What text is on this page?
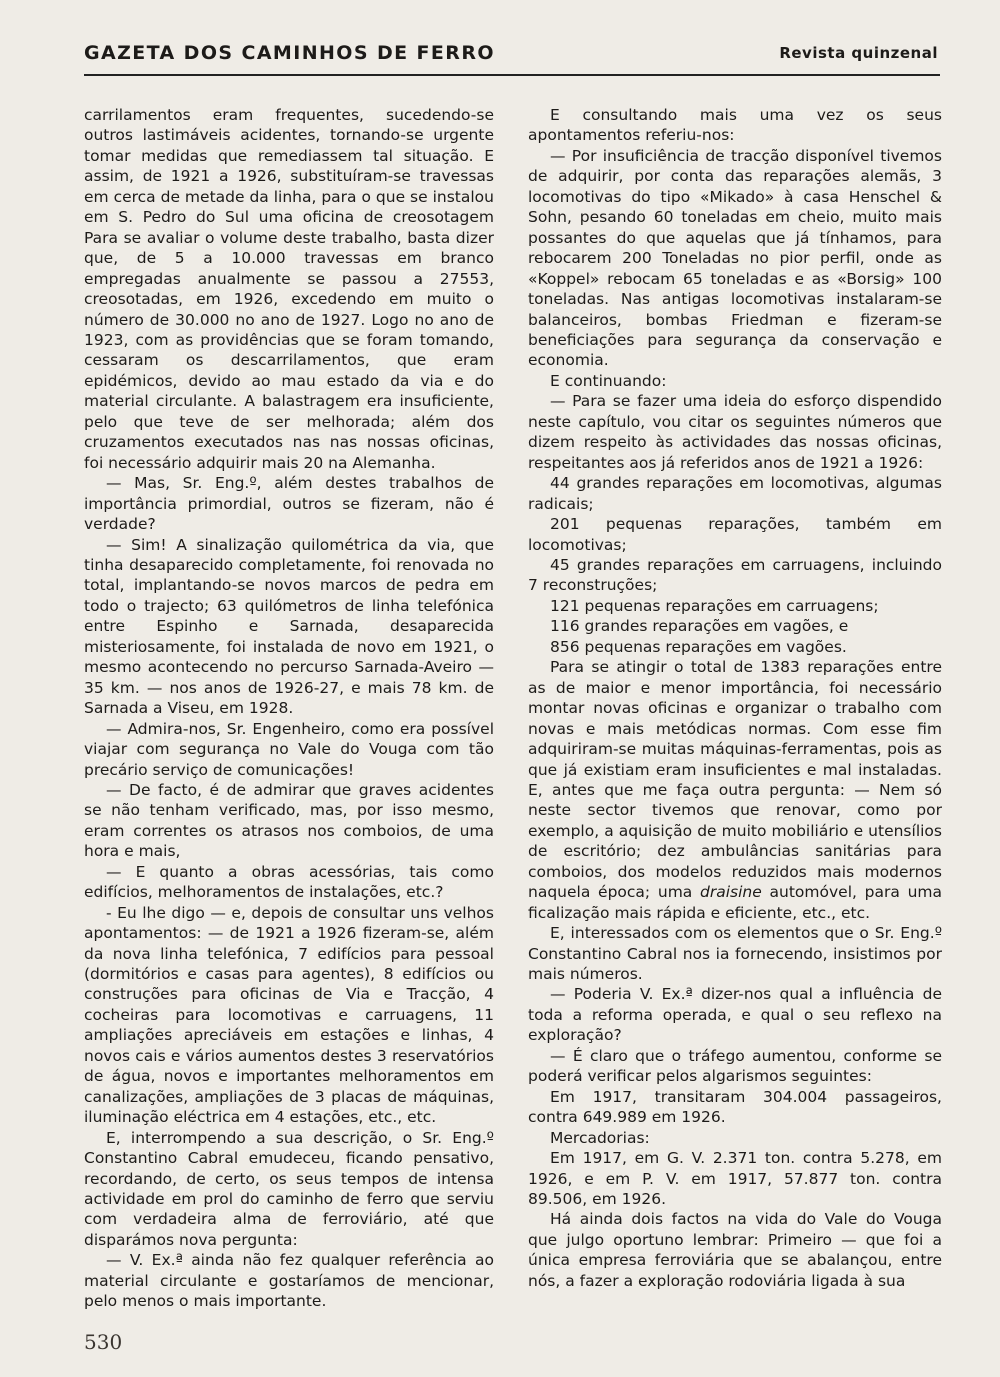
GAZETA DOS CAMINHOS DE FERRO	Revista quinzenal

carrilamentos eram frequentes, sucedendo-se outros lastimáveis acidentes, tornando-se urgente tomar medidas que remediassem tal situação. E assim, de 1921 a 1926, substituíram-se travessas em cerca de metade da linha, para o que se instalou em S. Pedro do Sul uma oficina de creosotagem Para se avaliar o volume deste trabalho, basta dizer que, de 5 a 10.000 travessas em branco empregadas anualmente se passou a 27553, creosotadas, em 1926, excedendo em muito o número de 30.000 no ano de 1927. Logo no ano de 1923, com as providências que se foram tomando, cessaram os descarrilamentos, que eram epidémicos, devido ao mau estado da via e do material circulante. A balastragem era insuficiente, pelo que teve de ser melhorada; além dos cruzamentos executados nas nas nossas oficinas, foi necessário adquirir mais 20 na Alemanha.

— Mas, Sr. Eng.º, além destes trabalhos de importância primordial, outros se fizeram, não é verdade?

— Sim! A sinalização quilométrica da via, que tinha desaparecido completamente, foi renovada no total, implantando-se novos marcos de pedra em todo o trajecto; 63 quilómetros de linha telefónica entre Espinho e Sarnada, desaparecida misteriosamente, foi instalada de novo em 1921, o mesmo acontecendo no percurso Sarnada-Aveiro — 35 km. — nos anos de 1926-27, e mais 78 km. de Sarnada a Viseu, em 1928.

— Admira-nos, Sr. Engenheiro, como era possível viajar com segurança no Vale do Vouga com tão precário serviço de comunicações!

— De facto, é de admirar que graves acidentes se não tenham verificado, mas, por isso mesmo, eram correntes os atrasos nos comboios, de uma hora e mais,

— E quanto a obras acessórias, tais como edifícios, melhoramentos de instalações, etc.?

- Eu lhe digo — e, depois de consultar uns velhos apontamentos: — de 1921 a 1926 fizeram-se, além da nova linha telefónica, 7 edifícios para pessoal (dormitórios e casas para agentes), 8 edifícios ou construções para oficinas de Via e Tracção, 4 cocheiras para locomotivas e carruagens, 11 ampliações apreciáveis em estações e linhas, 4 novos cais e vários aumentos destes 3 reservatórios de água, novos e importantes melhoramentos em canalizações, ampliações de 3 placas de máquinas, iluminação eléctrica em 4 estações, etc., etc.

E, interrompendo a sua descrição, o Sr. Eng.º Constantino Cabral emudeceu, ficando pensativo, recordando, de certo, os seus tempos de intensa actividade em prol do caminho de ferro que serviu com verdadeira alma de ferroviário, até que disparámos nova pergunta:

— V. Ex.ª ainda não fez qualquer referência ao material circulante e gostaríamos de mencionar, pelo menos o mais importante.

E consultando mais uma vez os seus apontamentos referiu-nos:

— Por insuficiência de tracção disponível tivemos de adquirir, por conta das reparações alemãs, 3 locomotivas do tipo «Mikado» à casa Henschel & Sohn, pesando 60 toneladas em cheio, muito mais possantes do que aquelas que já tínhamos, para rebocarem 200 Toneladas no pior perfil, onde as «Koppel» rebocam 65 toneladas e as «Borsig» 100 toneladas. Nas antigas locomotivas instalaram-se balanceiros, bombas Friedman e fizeram-se beneficiações para segurança da conservação e economia.

E continuando:

— Para se fazer uma ideia do esforço dispendido neste capítulo, vou citar os seguintes números que dizem respeito às actividades das nossas oficinas, respeitantes aos já referidos anos de 1921 a 1926:

44 grandes reparações em locomotivas, algumas radicais;

201 pequenas reparações, também em locomotivas;

45 grandes reparações em carruagens, incluindo 7 reconstruções;

121 pequenas reparações em carruagens;

116 grandes reparações em vagões, e

856 pequenas reparações em vagões.

Para se atingir o total de 1383 reparações entre as de maior e menor importância, foi necessário montar novas oficinas e organizar o trabalho com novas e mais metódicas normas. Com esse fim adquiriram-se muitas máquinas-ferramentas, pois as que já existiam eram insuficientes e mal instaladas. E, antes que me faça outra pergunta: — Nem só neste sector tivemos que renovar, como por exemplo, a aquisição de muito mobiliário e utensílios de escritório; dez ambulâncias sanitárias para comboios, dos modelos reduzidos mais modernos naquela época; uma draisine automóvel, para uma ficalização mais rápida e eficiente, etc., etc.

E, interessados com os elementos que o Sr. Eng.º Constantino Cabral nos ia fornecendo, insistimos por mais números.

— Poderia V. Ex.ª dizer-nos qual a influência de toda a reforma operada, e qual o seu reflexo na exploração?

— É claro que o tráfego aumentou, conforme se poderá verificar pelos algarismos seguintes:

Em 1917, transitaram 304.004 passageiros, contra 649.989 em 1926.

Mercadorias:

Em 1917, em G. V. 2.371 ton. contra 5.278, em 1926, e em P. V. em 1917, 57.877 ton. contra 89.506, em 1926.

Há ainda dois factos na vida do Vale do Vouga que julgo oportuno lembrar: Primeiro — que foi a única empresa ferroviária que se abalançou, entre nós, a fazer a exploração rodoviária ligada à sua

530
